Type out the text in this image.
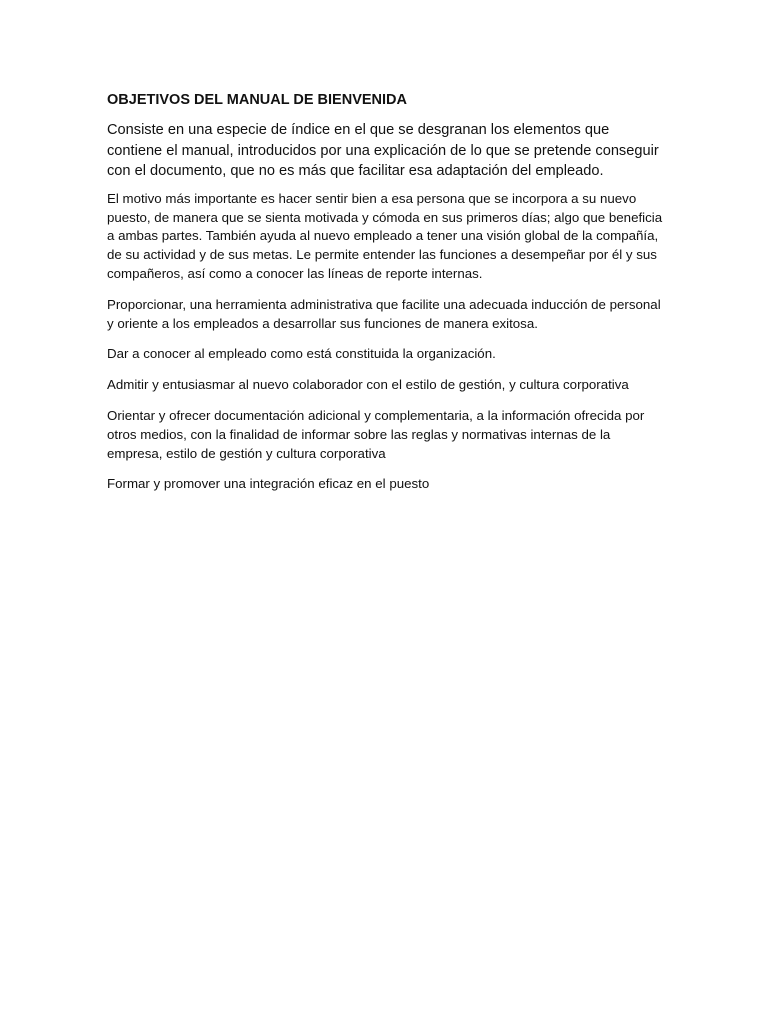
OBJETIVOS DEL MANUAL DE BIENVENIDA

Consiste en una especie de índice en el que se desgranan los elementos que contiene el manual, introducidos por una explicación de lo que se pretende conseguir con el documento, que no es más que facilitar esa adaptación del empleado.

El motivo más importante es hacer sentir bien a esa persona que se incorpora a su nuevo puesto, de manera que se sienta motivada y cómoda en sus primeros días; algo que beneficia a ambas partes. También ayuda al nuevo empleado a tener una visión global de la compañía, de su actividad y de sus metas. Le permite entender las funciones a desempeñar por él y sus compañeros, así como a conocer las líneas de reporte internas.

Proporcionar, una herramienta administrativa que facilite una adecuada inducción de personal y oriente a los empleados a desarrollar sus funciones de manera exitosa.

Dar a conocer al empleado como está constituida la organización.

Admitir y entusiasmar al nuevo colaborador con el estilo de gestión, y cultura corporativa

Orientar y ofrecer documentación adicional y complementaria, a la información ofrecida por otros medios, con la finalidad de informar sobre las reglas y normativas internas de la empresa, estilo de gestión y cultura corporativa

Formar y promover una integración eficaz en el puesto
